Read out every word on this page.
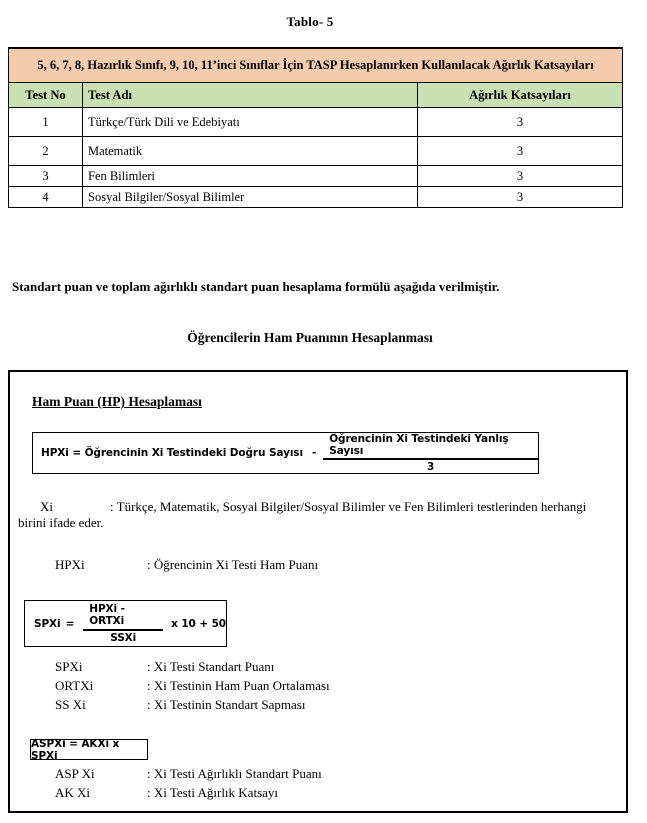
Tablo- 5
5, 6, 7, 8, Hazırlık Sınıfı, 9, 10, 11’inci Sınıflar İçin TASP Hesaplanırken Kullanılacak Ağırlık Katsayıları		
Test No	Test Adı	Ağırlık Katsayıları
1	Türkçe/Türk Dili ve Edebiyatı	3
2	Matematik	3
3	Fen Bilimleri	3
4	Sosyal Bilgiler/Sosyal Bilimler	3
Standart puan ve toplam ağırlıklı standart puan hesaplama formülü aşağıda verilmiştir.
Öğrencilerin Ham Puanının Hesaplanması
Ham Puan (HP) Hesaplaması
HPXi = Öğrencinin Xi Testindeki Doğru Sayısı - $\frac{\text{Öğrencinin Xi Testindeki Yanlış Sayısı}}{3}$
Xi	: Türkçe, Matematik, Sosyal Bilgiler/Sosyal Bilimler ve Fen Bilimleri testlerinden herhangi birini ifade eder.
HPXi	: Öğrencinin Xi Testi Ham Puanı
SPXi = $\frac{\text{HPXi - ORTXi}}{\text{SSXi}}$ x 10 + 50
SPXi	: Xi Testi Standart Puanı
ORTXi	: Xi Testinin Ham Puan Ortalaması
SS Xi	: Xi Testinin Standart Sapması
ASPXi = AKXi x SPXi
ASP Xi	: Xi Testi Ağırlıklı Standart Puanı
AK Xi	: Xi Testi Ağırlık Katsayı
